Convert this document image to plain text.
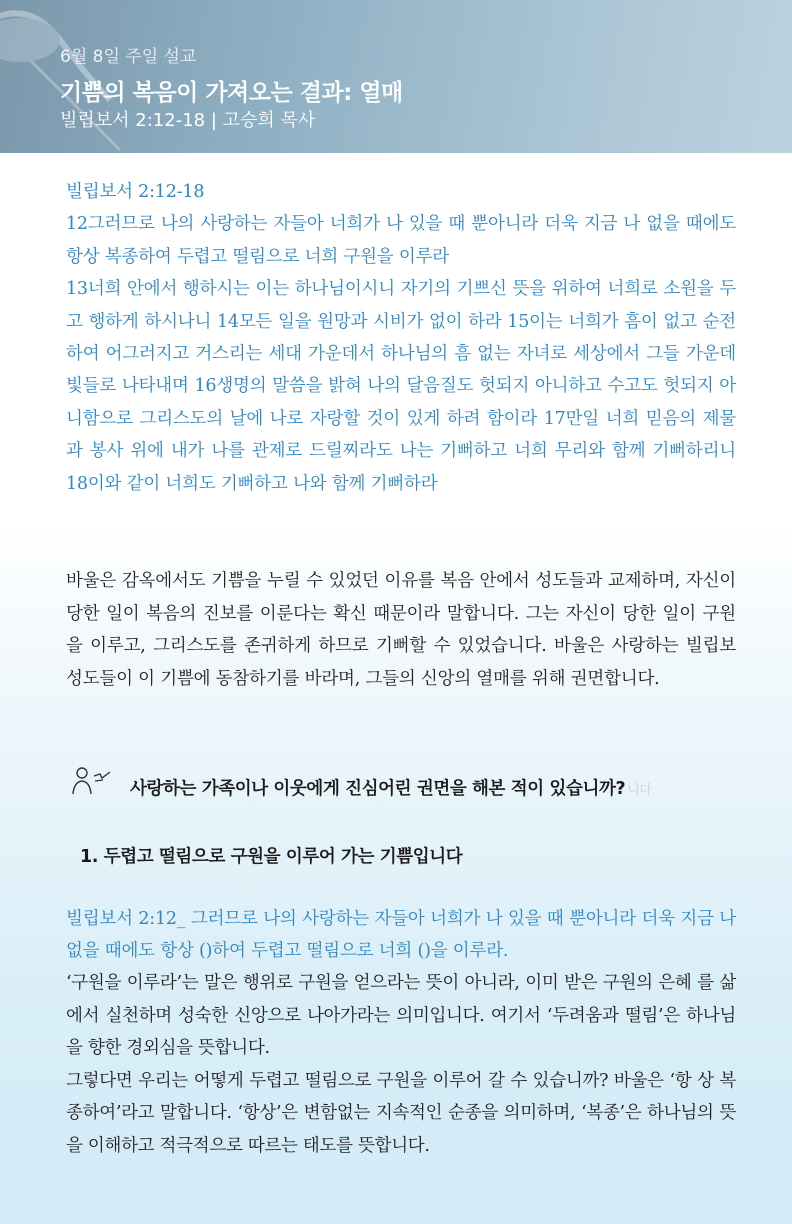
6월 8일 주일 설교
기쁨의 복음이 가져오는 결과: 열매
빌립보서 2:12-18 | 고승희 목사

빌립보서 2:12-18

12그러므로 나의 사랑하는 자들아 너희가 나 있을 때 뿐아니라 더욱 지금 나 없을 때에도 항상 복종하여 두렵고 떨림으로 너희 구원을 이루라

13너희 안에서 행하시는 이는 하나님이시니 자기의 기쁘신 뜻을 위하여 너희로 소원을 두고 행하게 하시나니 14모든 일을 원망과 시비가 없이 하라 15이는 너희가 흠이 없고 순전하여 어그러지고 거스리는 세대 가운데서 하나님의 흠 없는 자녀로 세상에서 그들 가운데 빛들로 나타내며 16생명의 말씀을 밝혀 나의 달음질도 헛되지 아니하고 수고도 헛되지 아니함으로 그리스도의 날에 나로 자랑할 것이 있게 하려 함이라 17만일 너희 믿음의 제물과 봉사 위에 내가 나를 관제로 드릴찌라도 나는 기뻐하고 너희 무리와 함께 기뻐하리니 18이와 같이 너희도 기뻐하고 나와 함께 기뻐하라

바울은 감옥에서도 기쁨을 누릴 수 있었던 이유를 복음 안에서 성도들과 교제하며, 자신이 당한 일이 복음의 진보를 이룬다는 확신 때문이라 말합니다. 그는 자신이 당한 일이 구원을 이루고, 그리스도를 존귀하게 하므로 기뻐할 수 있었습니다. 바울은 사랑하는 빌립보 성도들이 이 기쁨에 동참하기를 바라며, 그들의 신앙의 열매를 위해 권면합니다.
사랑하는 가족이나 이웃에게 진심어린 권면을 해본 적이 있습니까? 니다
1. 두렵고 떨림으로 구원을 이루어 가는 기쁨입니다
빌립보서 2:12_ 그러므로 나의 사랑하는 자들아 너희가 나 있을 때 뿐아니라 더욱 지금 나 없을 때에도 항상 ()하여 두렵고 떨림으로 너희 ()을 이루라.

‘구원을 이루라’는 말은 행위로 구원을 얻으라는 뜻이 아니라, 이미 받은 구원의 은혜 를 삶에서 실천하며 성숙한 신앙으로 나아가라는 의미입니다. 여기서 ‘두려움과 떨림’은 하나님을 향한 경외심을 뜻합니다.

그렇다면 우리는 어떻게 두렵고 떨림으로 구원을 이루어 갈 수 있습니까? 바울은 ‘항 상 복종하여’라고 말합니다. ‘항상’은 변함없는 지속적인 순종을 의미하며, ‘복종’은 하나님의 뜻을 이해하고 적극적으로 따르는 태도를 뜻합니다.
